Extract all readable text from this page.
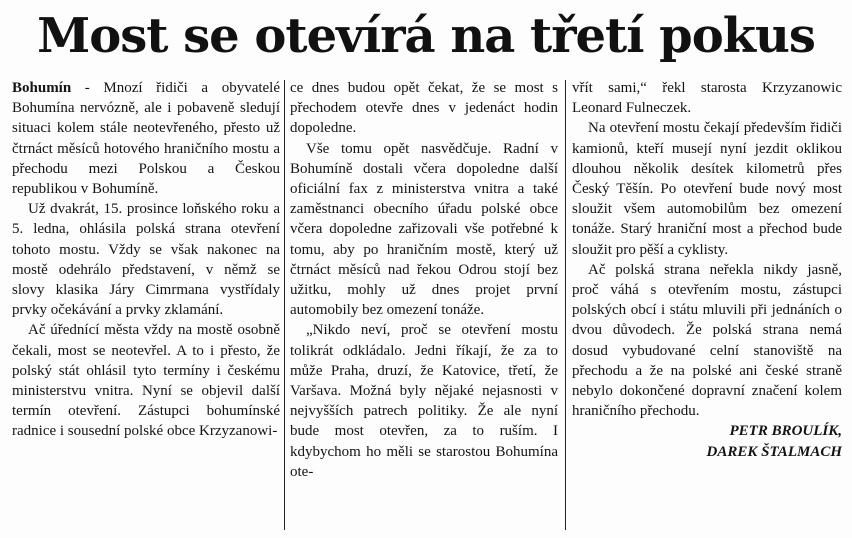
Most se otevírá na třetí pokus

Bohumín - Mnozí řidiči a obyvatelé Bohumína nervózně, ale i pobaveně sledují situaci kolem stále neotevřeného, přesto už čtrnáct měsíců hotového hraničního mostu a přechodu mezi Polskou a Českou republikou v Bohumíně.

Už dvakrát, 15. prosince loňského roku a 5. ledna, ohlásila polská strana otevření tohoto mostu. Vždy se však nakonec na mostě odehrálo představení, v němž se slovy klasika Járy Cimrmana vystřídaly prvky očekávání a prvky zklamání.

Ač úřednící města vždy na mostě osobně čekali, most se neotevřel. A to i přesto, že polský stát ohlásil tyto termíny i českému ministerstvu vnitra. Nyní se objevil další termín otevření. Zástupci bohumínské radnice i sousední polské obce Krzyzanowi-

ce dnes budou opět čekat, že se most s přechodem otevře dnes v jedenáct hodin dopoledne.

Vše tomu opět nasvědčuje. Radní v Bohumíně dostali včera dopoledne další oficiální fax z ministerstva vnitra a také zaměstnanci obecního úřadu polské obce včera dopoledne zařizovali vše potřebné k tomu, aby po hraničním mostě, který už čtrnáct měsíců nad řekou Odrou stojí bez užitku, mohly už dnes projet první automobily bez omezení tonáže.

„Nikdo neví, proč se otevření mostu tolikrát odkládalo. Jedni říkají, že za to může Praha, druzí, že Katovice, třetí, že Varšava. Možná byly nějaké nejasnosti v nejvyšších patrech politiky. Že ale nyní bude most otevřen, za to ruším. I kdybychom ho měli se starostou Bohumína ote-

vřít sami,“ řekl starosta Krzyzanowic Leonard Fulneczek.

Na otevření mostu čekají především řidiči kamionů, kteří musejí nyní jezdit oklikou dlouhou několik desítek kilometrů přes Český Těšín. Po otevření bude nový most sloužit všem automobilům bez omezení tonáže. Starý hraniční most a přechod bude sloužit pro pěší a cyklisty.

Ač polská strana neřekla nikdy jasně, proč váhá s otevřením mostu, zástupci polských obcí i státu mluvili při jednáních o dvou důvodech. Že polská strana nemá dosud vybudované celní stanoviště na přechodu a že na polské ani české straně nebylo dokončené dopravní značení kolem hraničního přechodu.

PETR BROULÍK,

DAREK ŠTALMACH
